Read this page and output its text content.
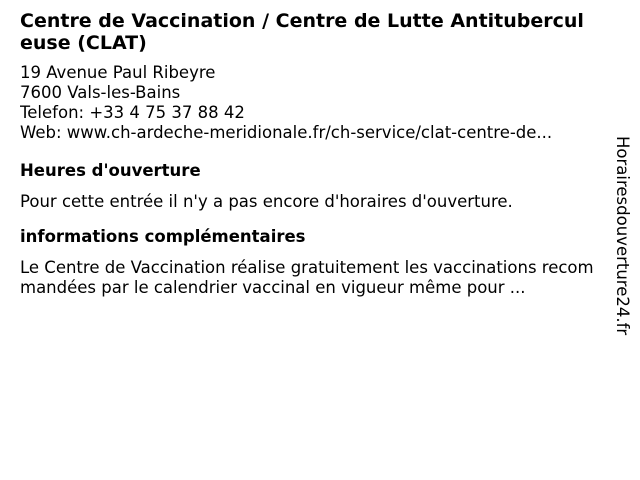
Centre de Vaccination / Centre de Lutte Antituberculeuse (CLAT)
19 Avenue Paul Ribeyre
7600 Vals-les-Bains
Telefon: +33 4 75 37 88 42
Web: www.ch-ardeche-meridionale.fr/ch-service/clat-centre-de...
Heures d'ouverture
Pour cette entrée il n'y a pas encore d'horaires d'ouverture.
informations complémentaires
Le Centre de Vaccination réalise gratuitement les vaccinations recommandées par le calendrier vaccinal en vigueur même pour ...	Horairesdouverture24.fr
